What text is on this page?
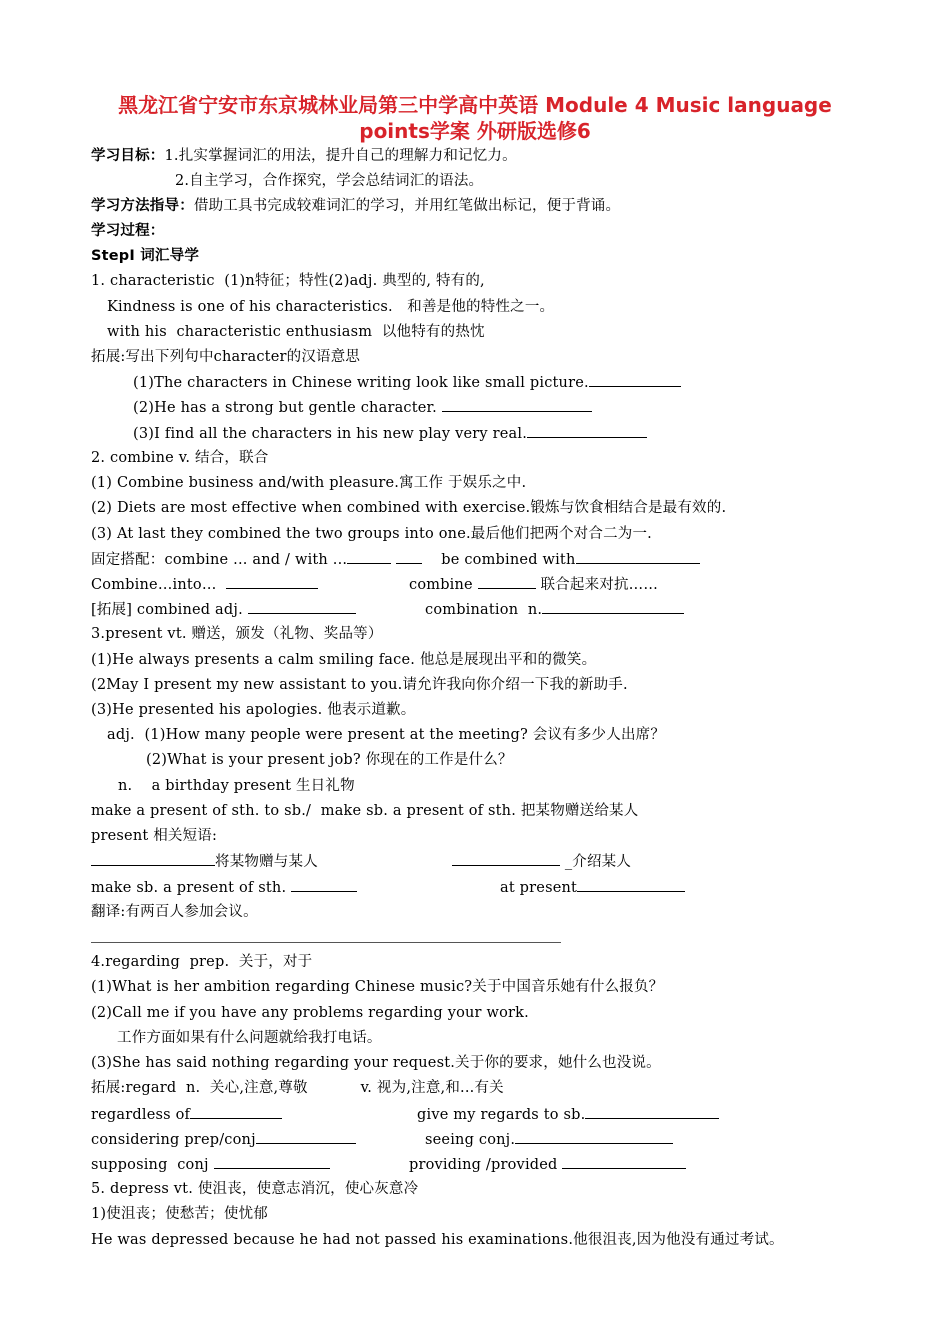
黑龙江省宁安市东京城林业局第三中学高中英语 Module 4 Music language
points学案 外研版选修6
学习目标：1.扎实掌握词汇的用法，提升自己的理解力和记忆力。
2.自主学习，合作探究，学会总结词汇的语法。
学习方法指导：借助工具书完成较难词汇的学习，并用红笔做出标记，便于背诵。
学习过程：
StepI 词汇导学
1. characteristic  (1)n特征；特性(2)adj. 典型的, 特有的,
Kindness is one of his characteristics.   和善是他的特性之一。
with his  characteristic enthusiasm  以他特有的热忱
拓展:写出下列句中character的汉语意思
(1)The characters in Chinese writing look like small picture.
(2)He has a strong but gentle character.
(3)I find all the characters in his new play very real.
2. combine v. 结合，联合
(1) Combine business and/with pleasure.寓工作 于娱乐之中.
(2) Diets are most effective when combined with exercise.锻炼与饮食相结合是最有效的.
(3) At last they combined the two groups into one.最后他们把两个对合二为一.
固定搭配：combine ... and / with ...	be combined with
Combine…into…	combine	联合起来对抗……
[拓展] combined adj.	combination  n.
3.present vt. 赠送，颁发（礼物、奖品等）
(1)He always presents a calm smiling face. 他总是展现出平和的微笑。
(2May I present my new assistant to you.请允许我向你介绍一下我的新助手.
(3)He presented his apologies. 他表示道歉。
adj.  (1)How many people were present at the meeting? 会议有多少人出席？
(2)What is your present job? 你现在的工作是什么？
n.    a birthday present 生日礼物
make a present of sth. to sb./  make sb. a present of sth. 把某物赠送给某人
present 相关短语:
将某物赠与某人	_介绍某人
make sb. a present of sth.	at present
翻译:有两百人参加会议。
4.regarding  prep.  关于，对于
(1)What is her ambition regarding Chinese music?关于中国音乐她有什么报负？
(2)Call me if you have any problems regarding your work.
工作方面如果有什么问题就给我打电话。
(3)She has said nothing regarding your request.关于你的要求，她什么也没说。
拓展:regard  n.  关心,注意,尊敬           v. 视为,注意,和...有关
regardless of	give my regards to sb.
considering prep/conj	seeing conj.
supposing  conj	providing /provided
5. depress vt. 使沮丧，使意志消沉，使心灰意冷
1)使沮丧；使愁苦；使忧郁
He was depressed because he had not passed his examinations.他很沮丧,因为他没有通过考试。
